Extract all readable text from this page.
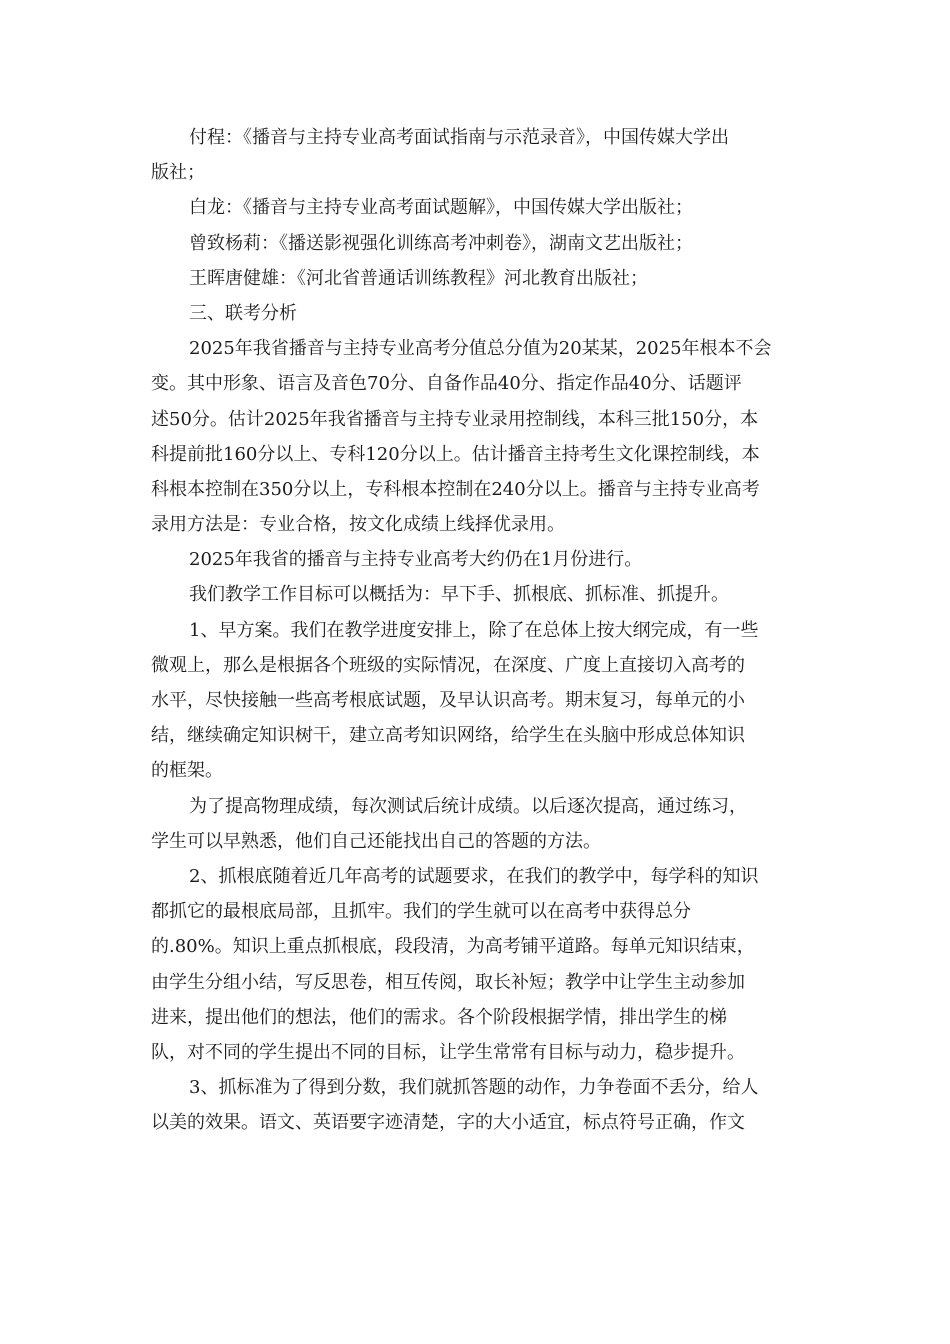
付程：《播音与主持专业高考面试指南与示范录音》，中国传媒大学出
版社；
白龙：《播音与主持专业高考面试题解》，中国传媒大学出版社；
曾致杨莉：《播送影视强化训练高考冲刺卷》，湖南文艺出版社；
王晖唐健雄：《河北省普通话训练教程》河北教育出版社；
三、联考分析
2025年我省播音与主持专业高考分值总分值为20某某，2025年根本不会
变。其中形象、语言及音色70分、自备作品40分、指定作品40分、话题评
述50分。估计2025年我省播音与主持专业录用控制线，本科三批150分，本
科提前批160分以上、专科120分以上。估计播音主持考生文化课控制线，本
科根本控制在350分以上，专科根本控制在240分以上。播音与主持专业高考
录用方法是：专业合格，按文化成绩上线择优录用。
2025年我省的播音与主持专业高考大约仍在1月份进行。
我们教学工作目标可以概括为：早下手、抓根底、抓标准、抓提升。
1、早方案。我们在教学进度安排上，除了在总体上按大纲完成，有一些
微观上，那么是根据各个班级的实际情况，在深度、广度上直接切入高考的
水平，尽快接触一些高考根底试题，及早认识高考。期末复习，每单元的小
结，继续确定知识树干，建立高考知识网络，给学生在头脑中形成总体知识
的框架。
为了提高物理成绩，每次测试后统计成绩。以后逐次提高，通过练习，
学生可以早熟悉，他们自己还能找出自己的答题的方法。
2、抓根底随着近几年高考的试题要求，在我们的教学中，每学科的知识
都抓它的最根底局部，且抓牢。我们的学生就可以在高考中获得总分
的.80%。知识上重点抓根底，段段清，为高考铺平道路。每单元知识结束，
由学生分组小结，写反思卷，相互传阅，取长补短；教学中让学生主动参加
进来，提出他们的想法，他们的需求。各个阶段根据学情，排出学生的梯
队，对不同的学生提出不同的目标，让学生常常有目标与动力，稳步提升。
3、抓标准为了得到分数，我们就抓答题的动作，力争卷面不丢分，给人
以美的效果。语文、英语要字迹清楚，字的大小适宜，标点符号正确，作文
